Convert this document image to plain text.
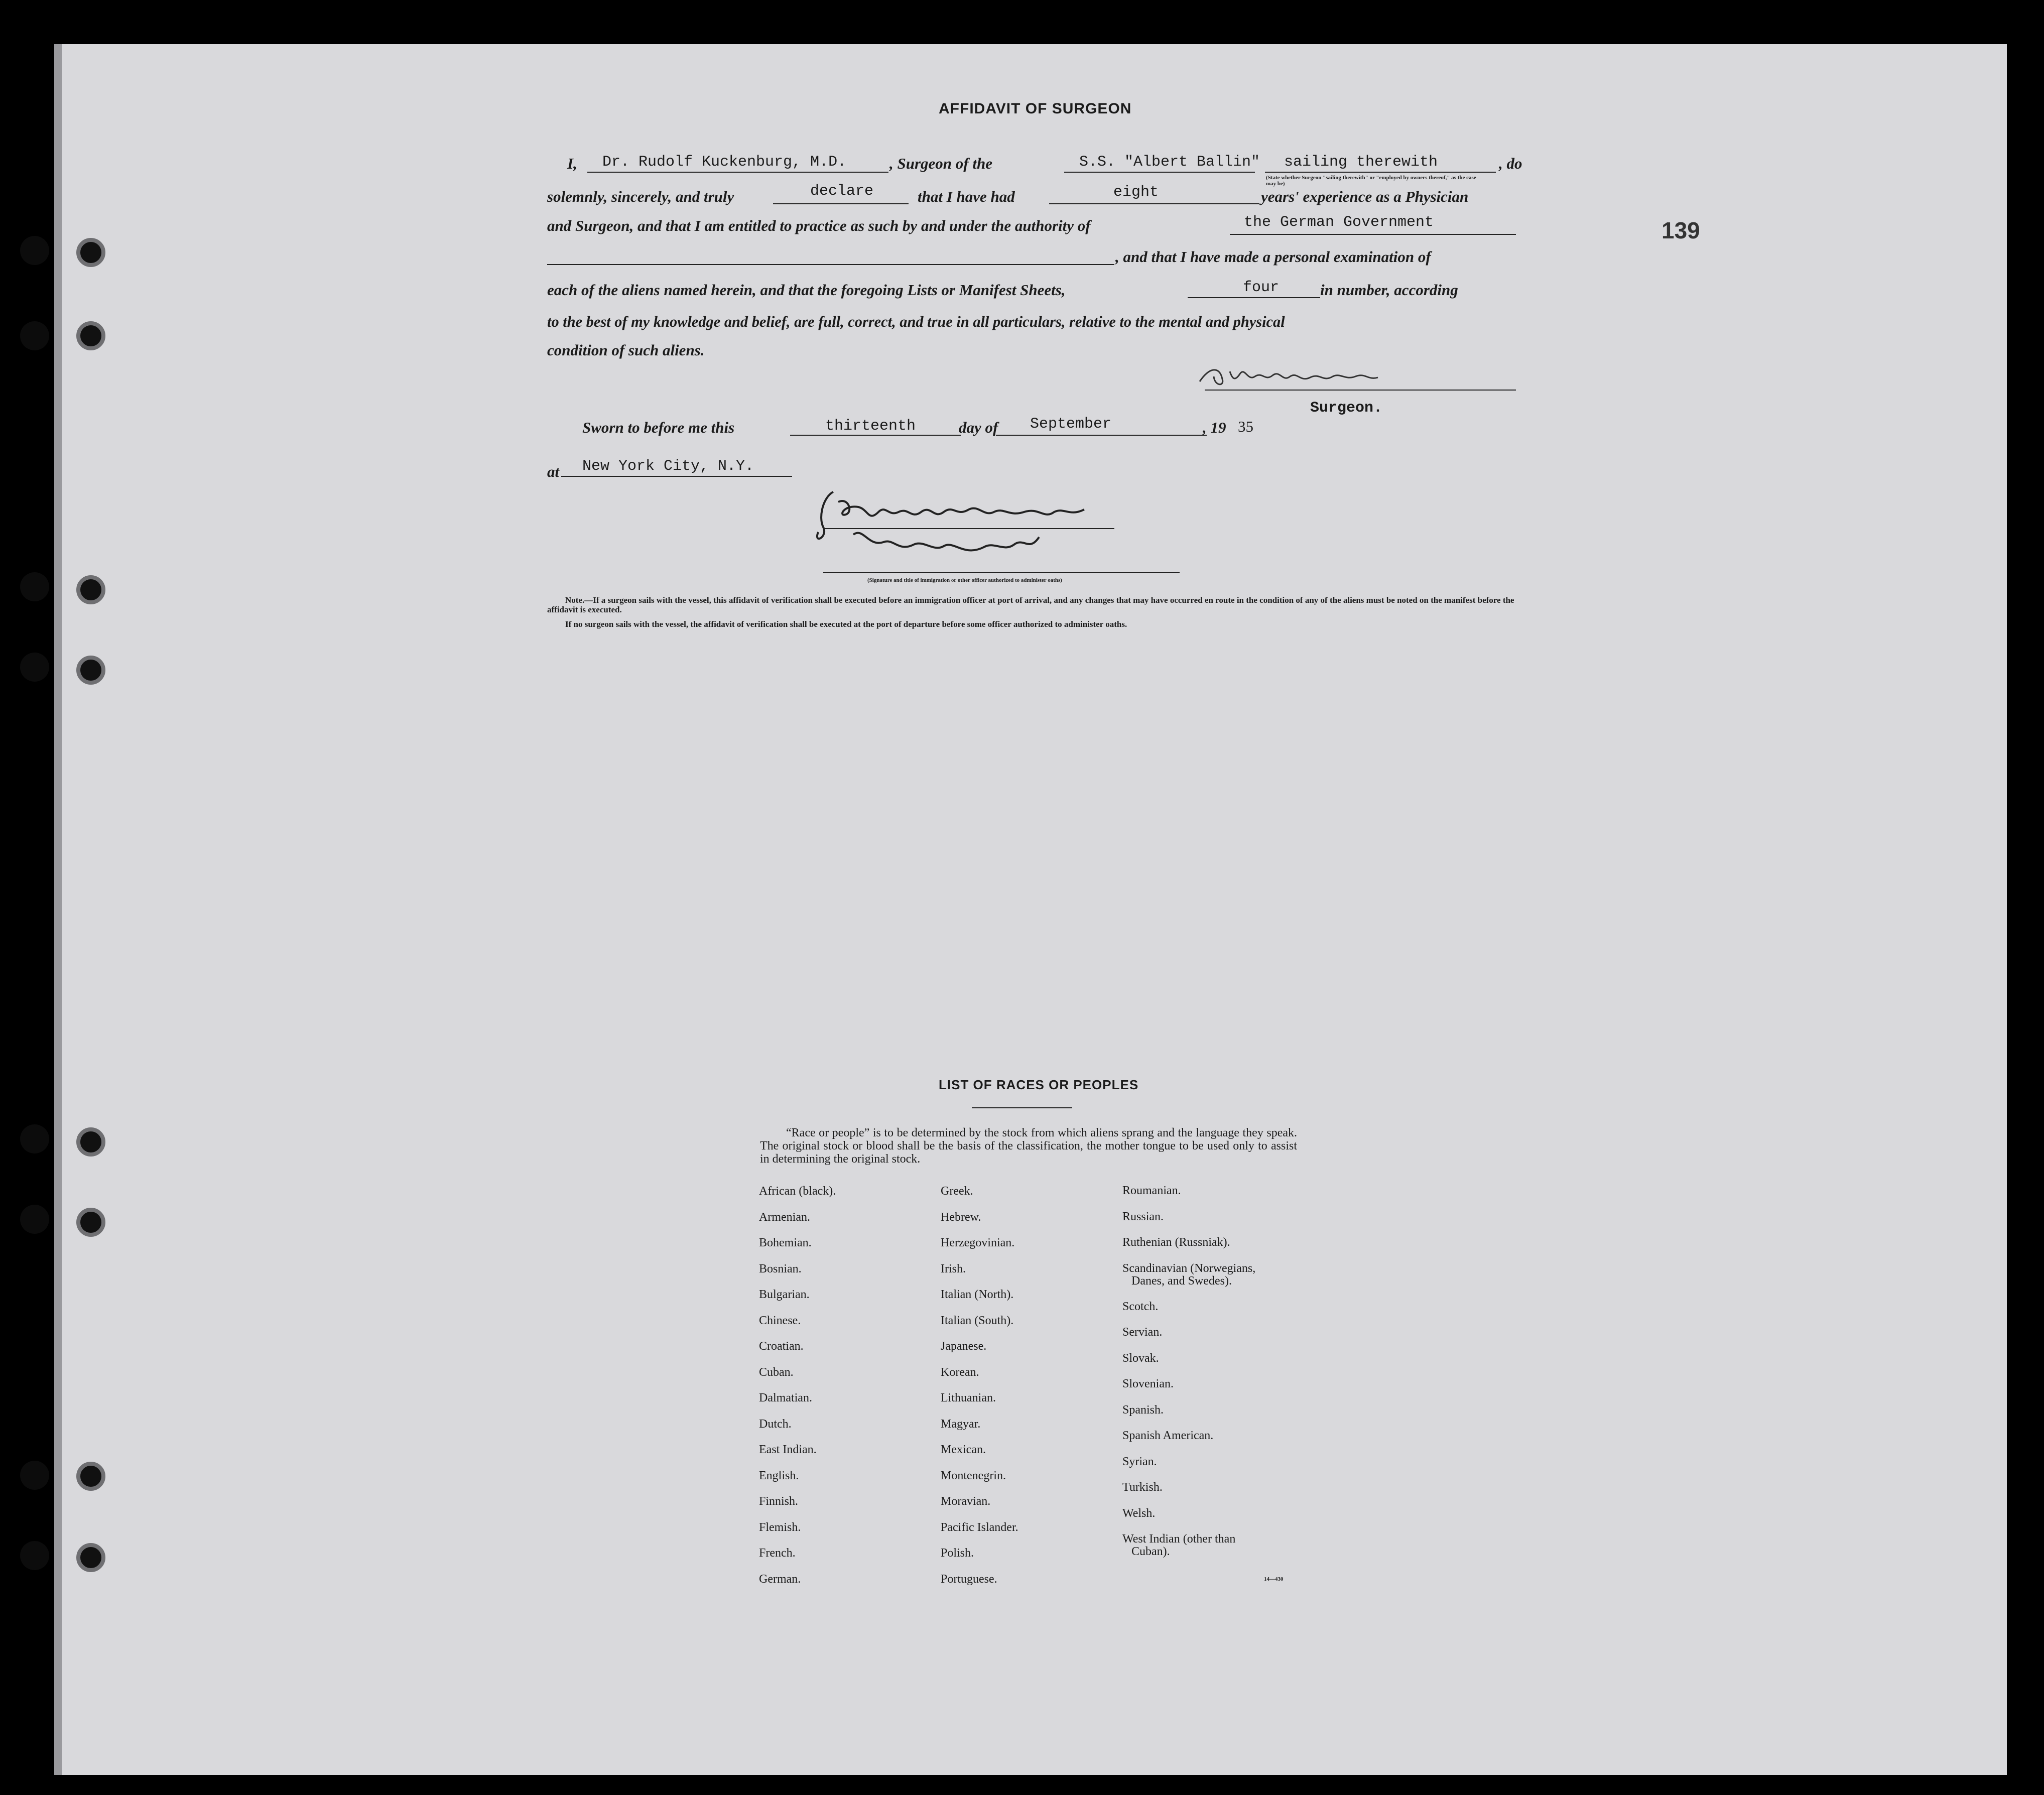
139
AFFIDAVIT OF SURGEON
I, Dr. Rudolf Kuckenburg, M.D.	, Surgeon of the	S.S. "Albert Ballin" sailing therewith
(State whether Surgeon "sailing therewith" or "employed by owners thereof," as the case may be)
, do
solemnly, sincerely, and truly	declare	that I have had	eight	years' experience as a Physician
and Surgeon, and that I am entitled to practice as such by and under the authority of	the German Government
, and that I have made a personal examination of
each of the aliens named herein, and that the foregoing Lists or Manifest Sheets,	four	in number, according
to the best of my knowledge and belief, are full, correct, and true in all particulars, relative to the mental and physical
condition of such aliens.
Surgeon.
Sworn to before me this	thirteenth	day of September	, 19 35
at New York City, N.Y.
(Signature and title of immigration or other officer authorized to administer oaths)
Note.—If a surgeon sails with the vessel, this affidavit of verification shall be executed before an immigration officer at port of arrival, and any changes that may have occurred en route in the condition of any of the aliens must be noted on the manifest before the affidavit is executed.
If no surgeon sails with the vessel, the affidavit of verification shall be executed at the port of departure before some officer authorized to administer oaths.
LIST OF RACES OR PEOPLES
“Race or people” is to be determined by the stock from which aliens sprang and the language they speak. The original stock or blood shall be the basis of the classification, the mother tongue to be used only to assist in determining the original stock.
African (black).
Armenian.
Bohemian.
Bosnian.
Bulgarian.
Chinese.
Croatian.
Cuban.
Dalmatian.
Dutch.
East Indian.
English.
Finnish.
Flemish.
French.
German.
Greek.
Hebrew.
Herzegovinian.
Irish.
Italian (North).
Italian (South).
Japanese.
Korean.
Lithuanian.
Magyar.
Mexican.
Montenegrin.
Moravian.
Pacific Islander.
Polish.
Portuguese.
Roumanian.
Russian.
Ruthenian (Russniak).
Scandinavian (Norwegians,
Danes, and Swedes).
Scotch.
Servian.
Slovak.
Slovenian.
Spanish.
Spanish American.
Syrian.
Turkish.
Welsh.
West Indian (other than
Cuban).
14—430
